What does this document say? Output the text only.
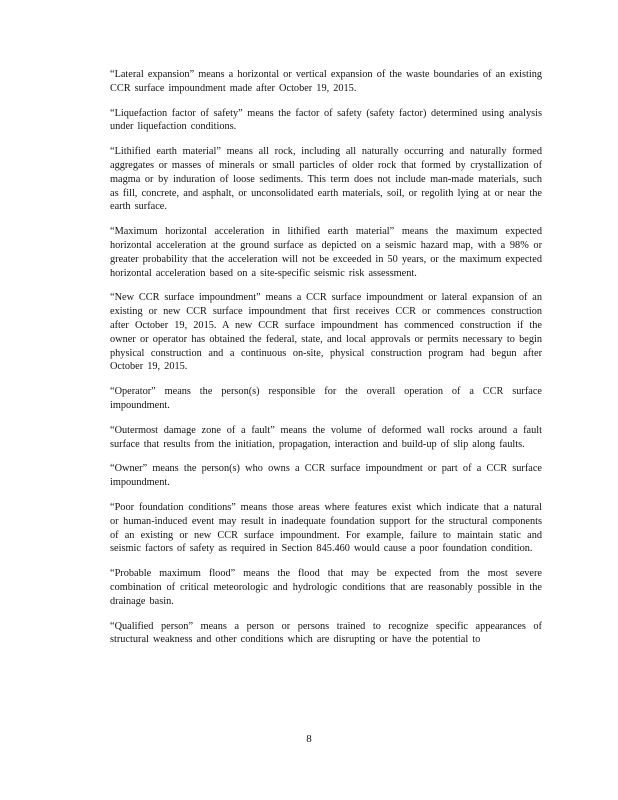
“Lateral expansion” means a horizontal or vertical expansion of the waste boundaries of an existing CCR surface impoundment made after October 19, 2015.

“Liquefaction factor of safety” means the factor of safety (safety factor) determined using analysis under liquefaction conditions.

“Lithified earth material” means all rock, including all naturally occurring and naturally formed aggregates or masses of minerals or small particles of older rock that formed by crystallization of magma or by induration of loose sediments. This term does not include man-made materials, such as fill, concrete, and asphalt, or unconsolidated earth materials, soil, or regolith lying at or near the earth surface.

“Maximum horizontal acceleration in lithified earth material” means the maximum expected horizontal acceleration at the ground surface as depicted on a seismic hazard map, with a 98% or greater probability that the acceleration will not be exceeded in 50 years, or the maximum expected horizontal acceleration based on a site-specific seismic risk assessment.

“New CCR surface impoundment” means a CCR surface impoundment or lateral expansion of an existing or new CCR surface impoundment that first receives CCR or commences construction after October 19, 2015. A new CCR surface impoundment has commenced construction if the owner or operator has obtained the federal, state, and local approvals or permits necessary to begin physical construction and a continuous on-site, physical construction program had begun after October 19, 2015.

“Operator” means the person(s) responsible for the overall operation of a CCR surface impoundment.

“Outermost damage zone of a fault” means the volume of deformed wall rocks around a fault surface that results from the initiation, propagation, interaction and build-up of slip along faults.

“Owner” means the person(s) who owns a CCR surface impoundment or part of a CCR surface impoundment.

“Poor foundation conditions” means those areas where features exist which indicate that a natural or human-induced event may result in inadequate foundation support for the structural components of an existing or new CCR surface impoundment. For example, failure to maintain static and seismic factors of safety as required in Section 845.460 would cause a poor foundation condition.

“Probable maximum flood” means the flood that may be expected from the most severe combination of critical meteorologic and hydrologic conditions that are reasonably possible in the drainage basin.

“Qualified person” means a person or persons trained to recognize specific appearances of structural weakness and other conditions which are disrupting or have the potential to

8
